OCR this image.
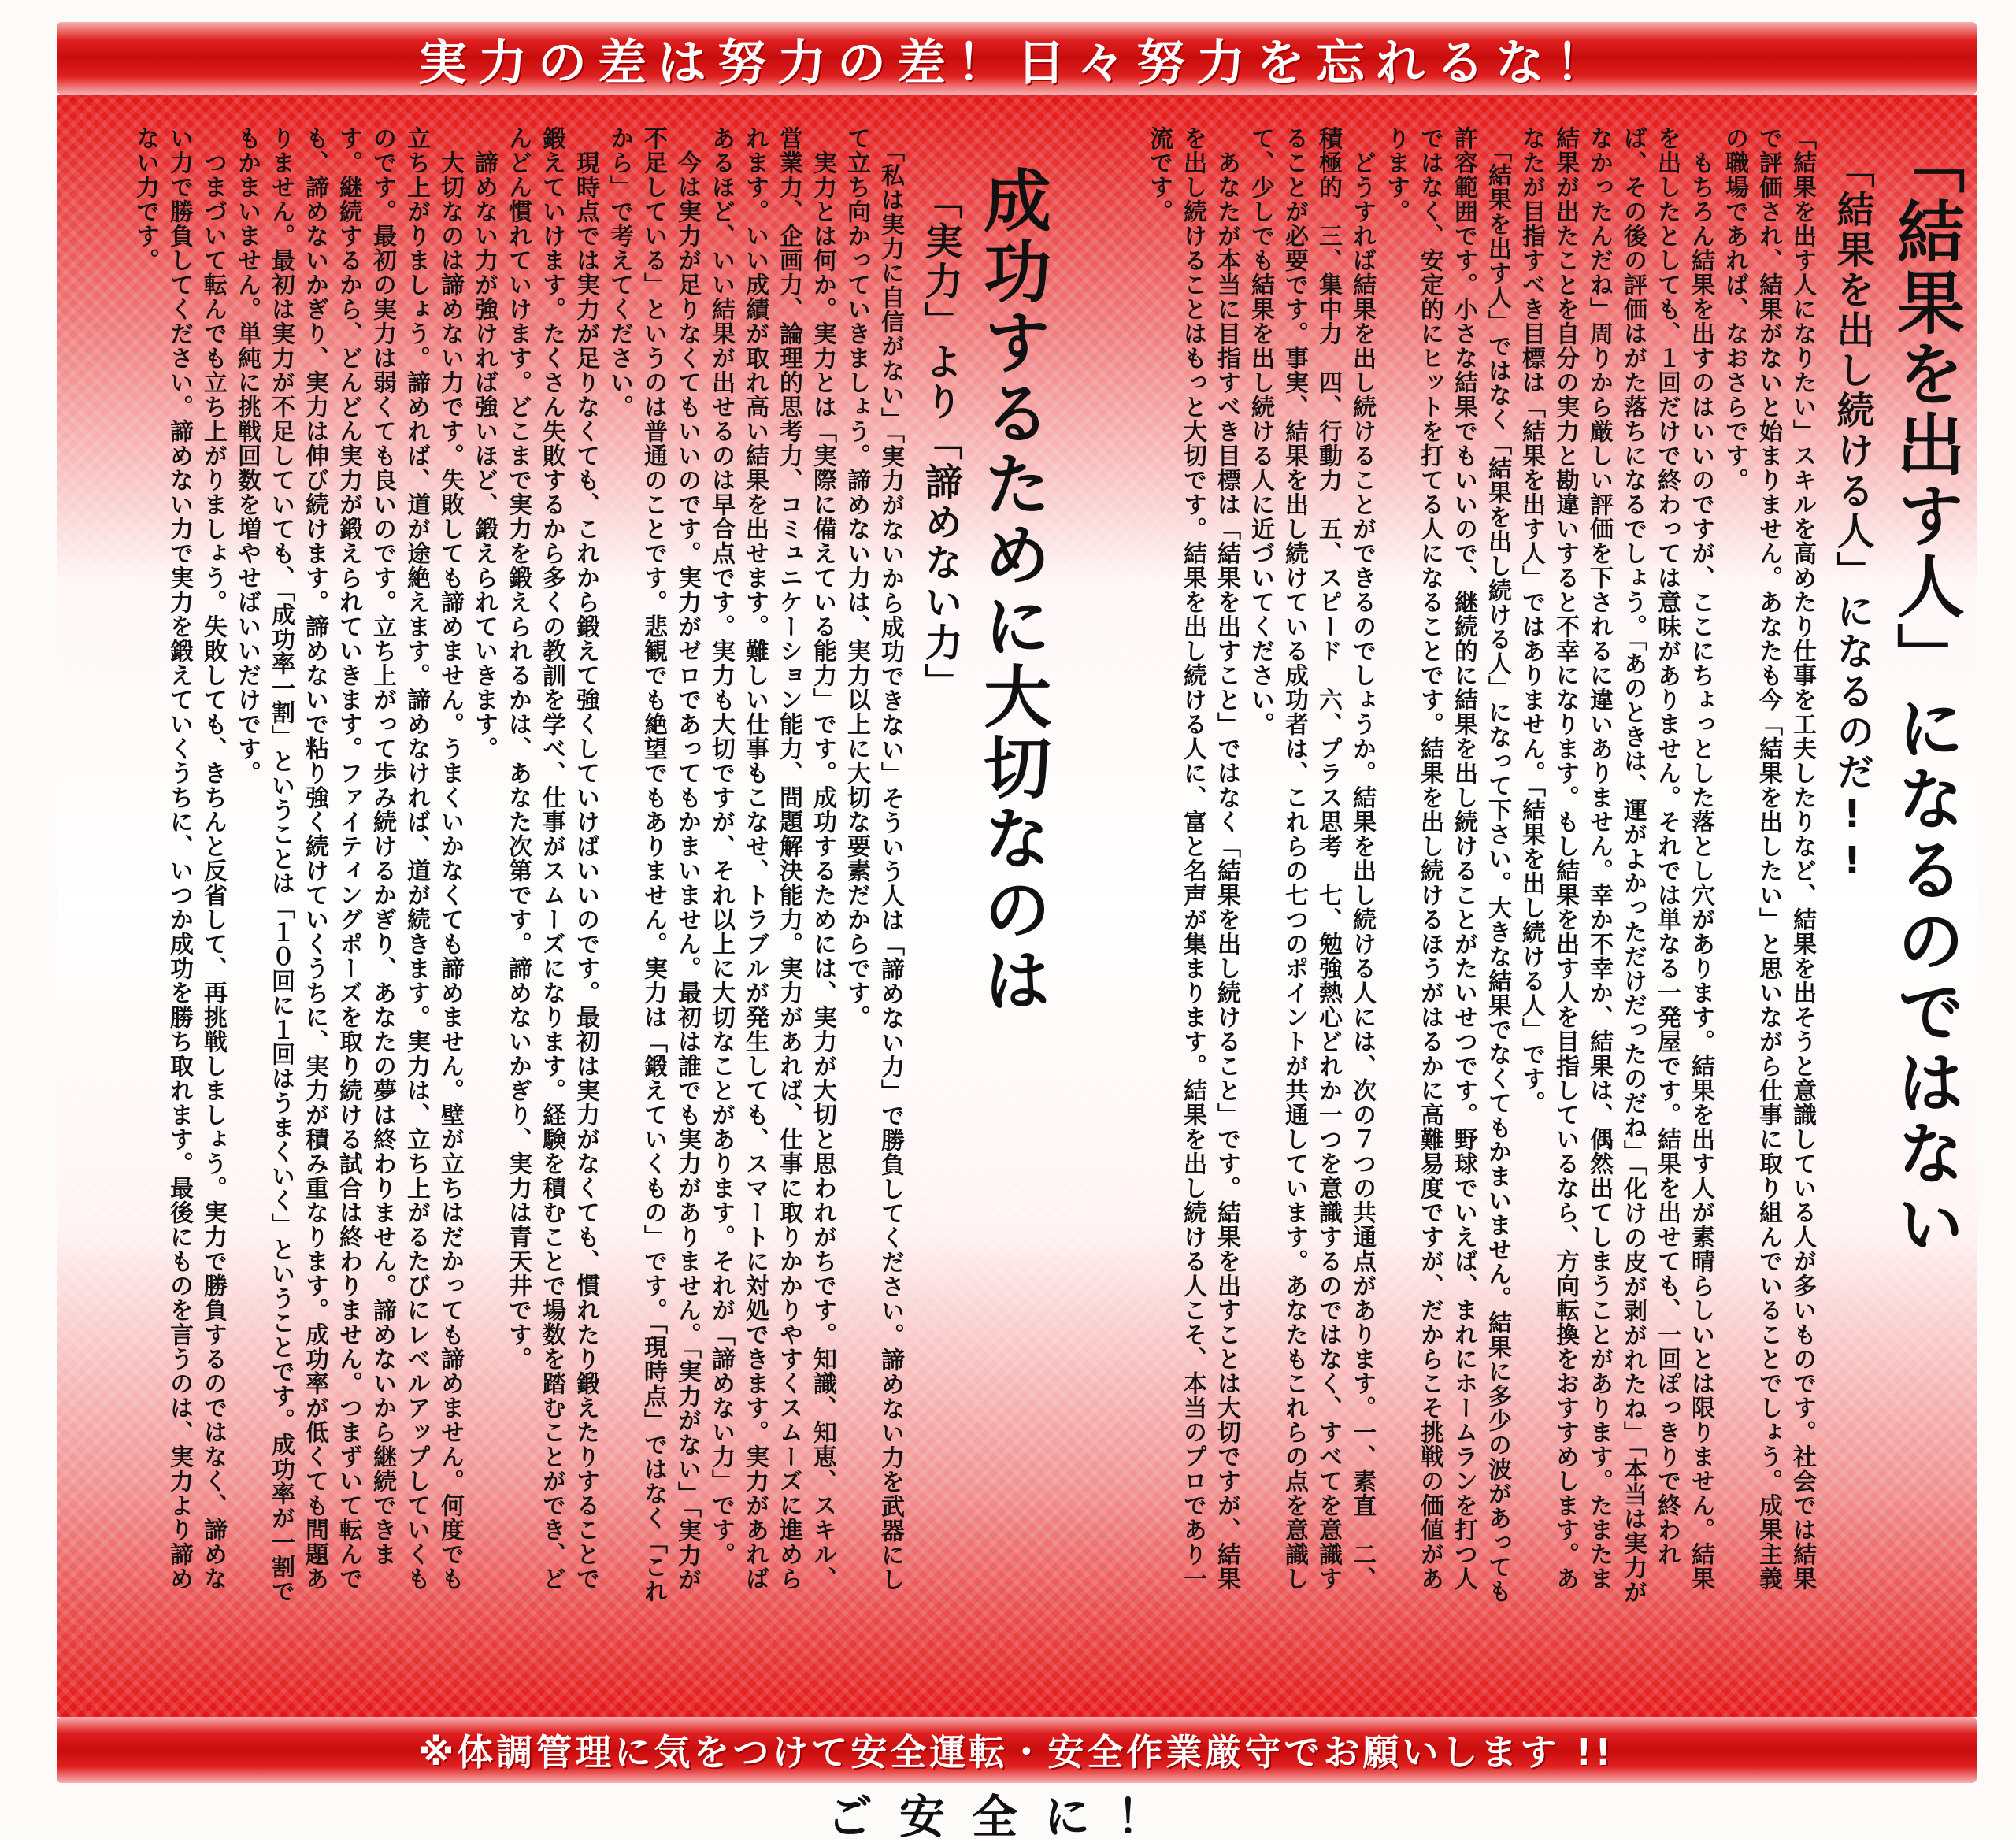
実力の差は努力の差！日々努力を忘れるな！
「結果を出す人」になるのではない
「結果を出し続ける人」になるのだ!!
「結果を出す人になりたい」スキルを高めたり仕事を工夫したりなど、結果を出そうと意識している人が多いものです。社会では結果で評価され、結果がないと始まりません。あなたも今「結果を出したい」と思いながら仕事に取り組んでいることでしょう。成果主義の職場であれば、なおさらです。
　もちろん結果を出すのはいいのですが、ここにちょっとした落とし穴があります。結果を出す人が素晴らしいとは限りません。結果を出したとしても、１回だけで終わっては意味がありません。それでは単なる一発屋です。結果を出せても、一回ぽっきりで終われば、その後の評価はがた落ちになるでしょう。「あのときは、運がよかっただけだったのだね」「化けの皮が剥がれたね」「本当は実力がなかったんだね」周りから厳しい評価を下されるに違いありません。幸か不幸か、結果は、偶然出てしまうことがあります。たまたま結果が出たことを自分の実力と勘違いすると不幸になります。もし結果を出す人を目指しているなら、方向転換をおすすめします。あなたが目指すべき目標は「結果を出す人」ではありません。「結果を出し続ける人」です。
　「結果を出す人」ではなく「結果を出し続ける人」になって下さい。大きな結果でなくてもかまいません。結果に多少の波があっても許容範囲です。小さな結果でもいいので、継続的に結果を出し続けることがたいせつです。野球でいえば、まれにホームランを打つ人ではなく、安定的にヒットを打てる人になることです。結果を出し続けるほうがはるかに高難易度ですが、だからこそ挑戦の価値があります。
　どうすれば結果を出し続けることができるのでしょうか。結果を出し続ける人には、次の７つの共通点があります。一、素直　二、積極的　三、集中力　四、行動力　五、スピード　六、プラス思考　七、勉強熱心どれか一つを意識するのではなく、すべてを意識することが必要です。事実、結果を出し続けている成功者は、これらの七つのポイントが共通しています。あなたもこれらの点を意識して、少しでも結果を出し続ける人に近づいてください。
　あなたが本当に目指すべき目標は「結果を出すこと」ではなく「結果を出し続けること」です。結果を出すことは大切ですが、結果を出し続けることはもっと大切です。結果を出し続ける人に、富と名声が集まります。結果を出し続ける人こそ、本当のプロであり一流です。
成功するために大切なのは
「実力」より「諦めない力」
　「私は実力に自信がない」「実力がないから成功できない」そういう人は「諦めない力」で勝負してください。諦めない力を武器にして立ち向かっていきましょう。諦めない力は、実力以上に大切な要素だからです。
　実力とは何か。実力とは「実際に備えている能力」です。成功するためには、実力が大切と思われがちです。知識、知恵、スキル、営業力、企画力、論理的思考力、コミュニケーション能力、問題解決能力。実力があれば、仕事に取りかかりやすくスムーズに進められます。いい成績が取れ高い結果を出せます。難しい仕事もこなせ、トラブルが発生しても、スマートに対処できます。実力があればあるほど、いい結果が出せるのは早合点です。実力も大切ですが、それ以上に大切なことがあります。それが「諦めない力」です。
　今は実力が足りなくてもいいのです。実力がゼロであってもかまいません。最初は誰でも実力がありません。「実力がない」「実力が不足している」というのは普通のことです。悲観でも絶望でもありません。実力は「鍛えていくもの」です。「現時点」ではなく「これから」で考えてください。
　現時点では実力が足りなくても、これから鍛えて強くしていけばいいのです。最初は実力がなくても、慣れたり鍛えたりすることで鍛えていけます。たくさん失敗するから多くの教訓を学べ、仕事がスムーズになります。経験を積むことで場数を踏むことができ、どんどん慣れていけます。どこまで実力を鍛えられるかは、あなた次第です。諦めないかぎり、実力は青天井です。
　諦めない力が強ければ強いほど、鍛えられていきます。
　大切なのは諦めない力です。失敗しても諦めません。うまくいかなくても諦めません。壁が立ちはだかっても諦めません。何度でも立ち上がりましょう。諦めれば、道が途絶えます。諦めなければ、道が続きます。実力は、立ち上がるたびにレベルアップしていくものです。最初の実力は弱くても良いのです。立ち上がって歩み続けるかぎり、あなたの夢は終わりません。諦めないから継続できます。継続するから、どんどん実力が鍛えられていきます。ファイティングポーズを取り続ける試合は終わりません。つまずいて転んでも、諦めないかぎり、実力は伸び続けます。諦めないで粘り強く続けていくうちに、実力が積み重なります。成功率が低くても問題ありません。最初は実力が不足していても、「成功率一割」ということは「１０回に１回はうまくいく」ということです。成功率が一割でもかまいません。単純に挑戦回数を増やせばいいだけです。
　つまづいて転んでも立ち上がりましょう。失敗しても、きちんと反省して、再挑戦しましょう。実力で勝負するのではなく、諦めない力で勝負してください。諦めない力で実力を鍛えていくうちに、いつか成功を勝ち取れます。最後にものを言うのは、実力より諦めない力です。
※体調管理に気をつけて安全運転・安全作業厳守でお願いします !!
ご安全に！
